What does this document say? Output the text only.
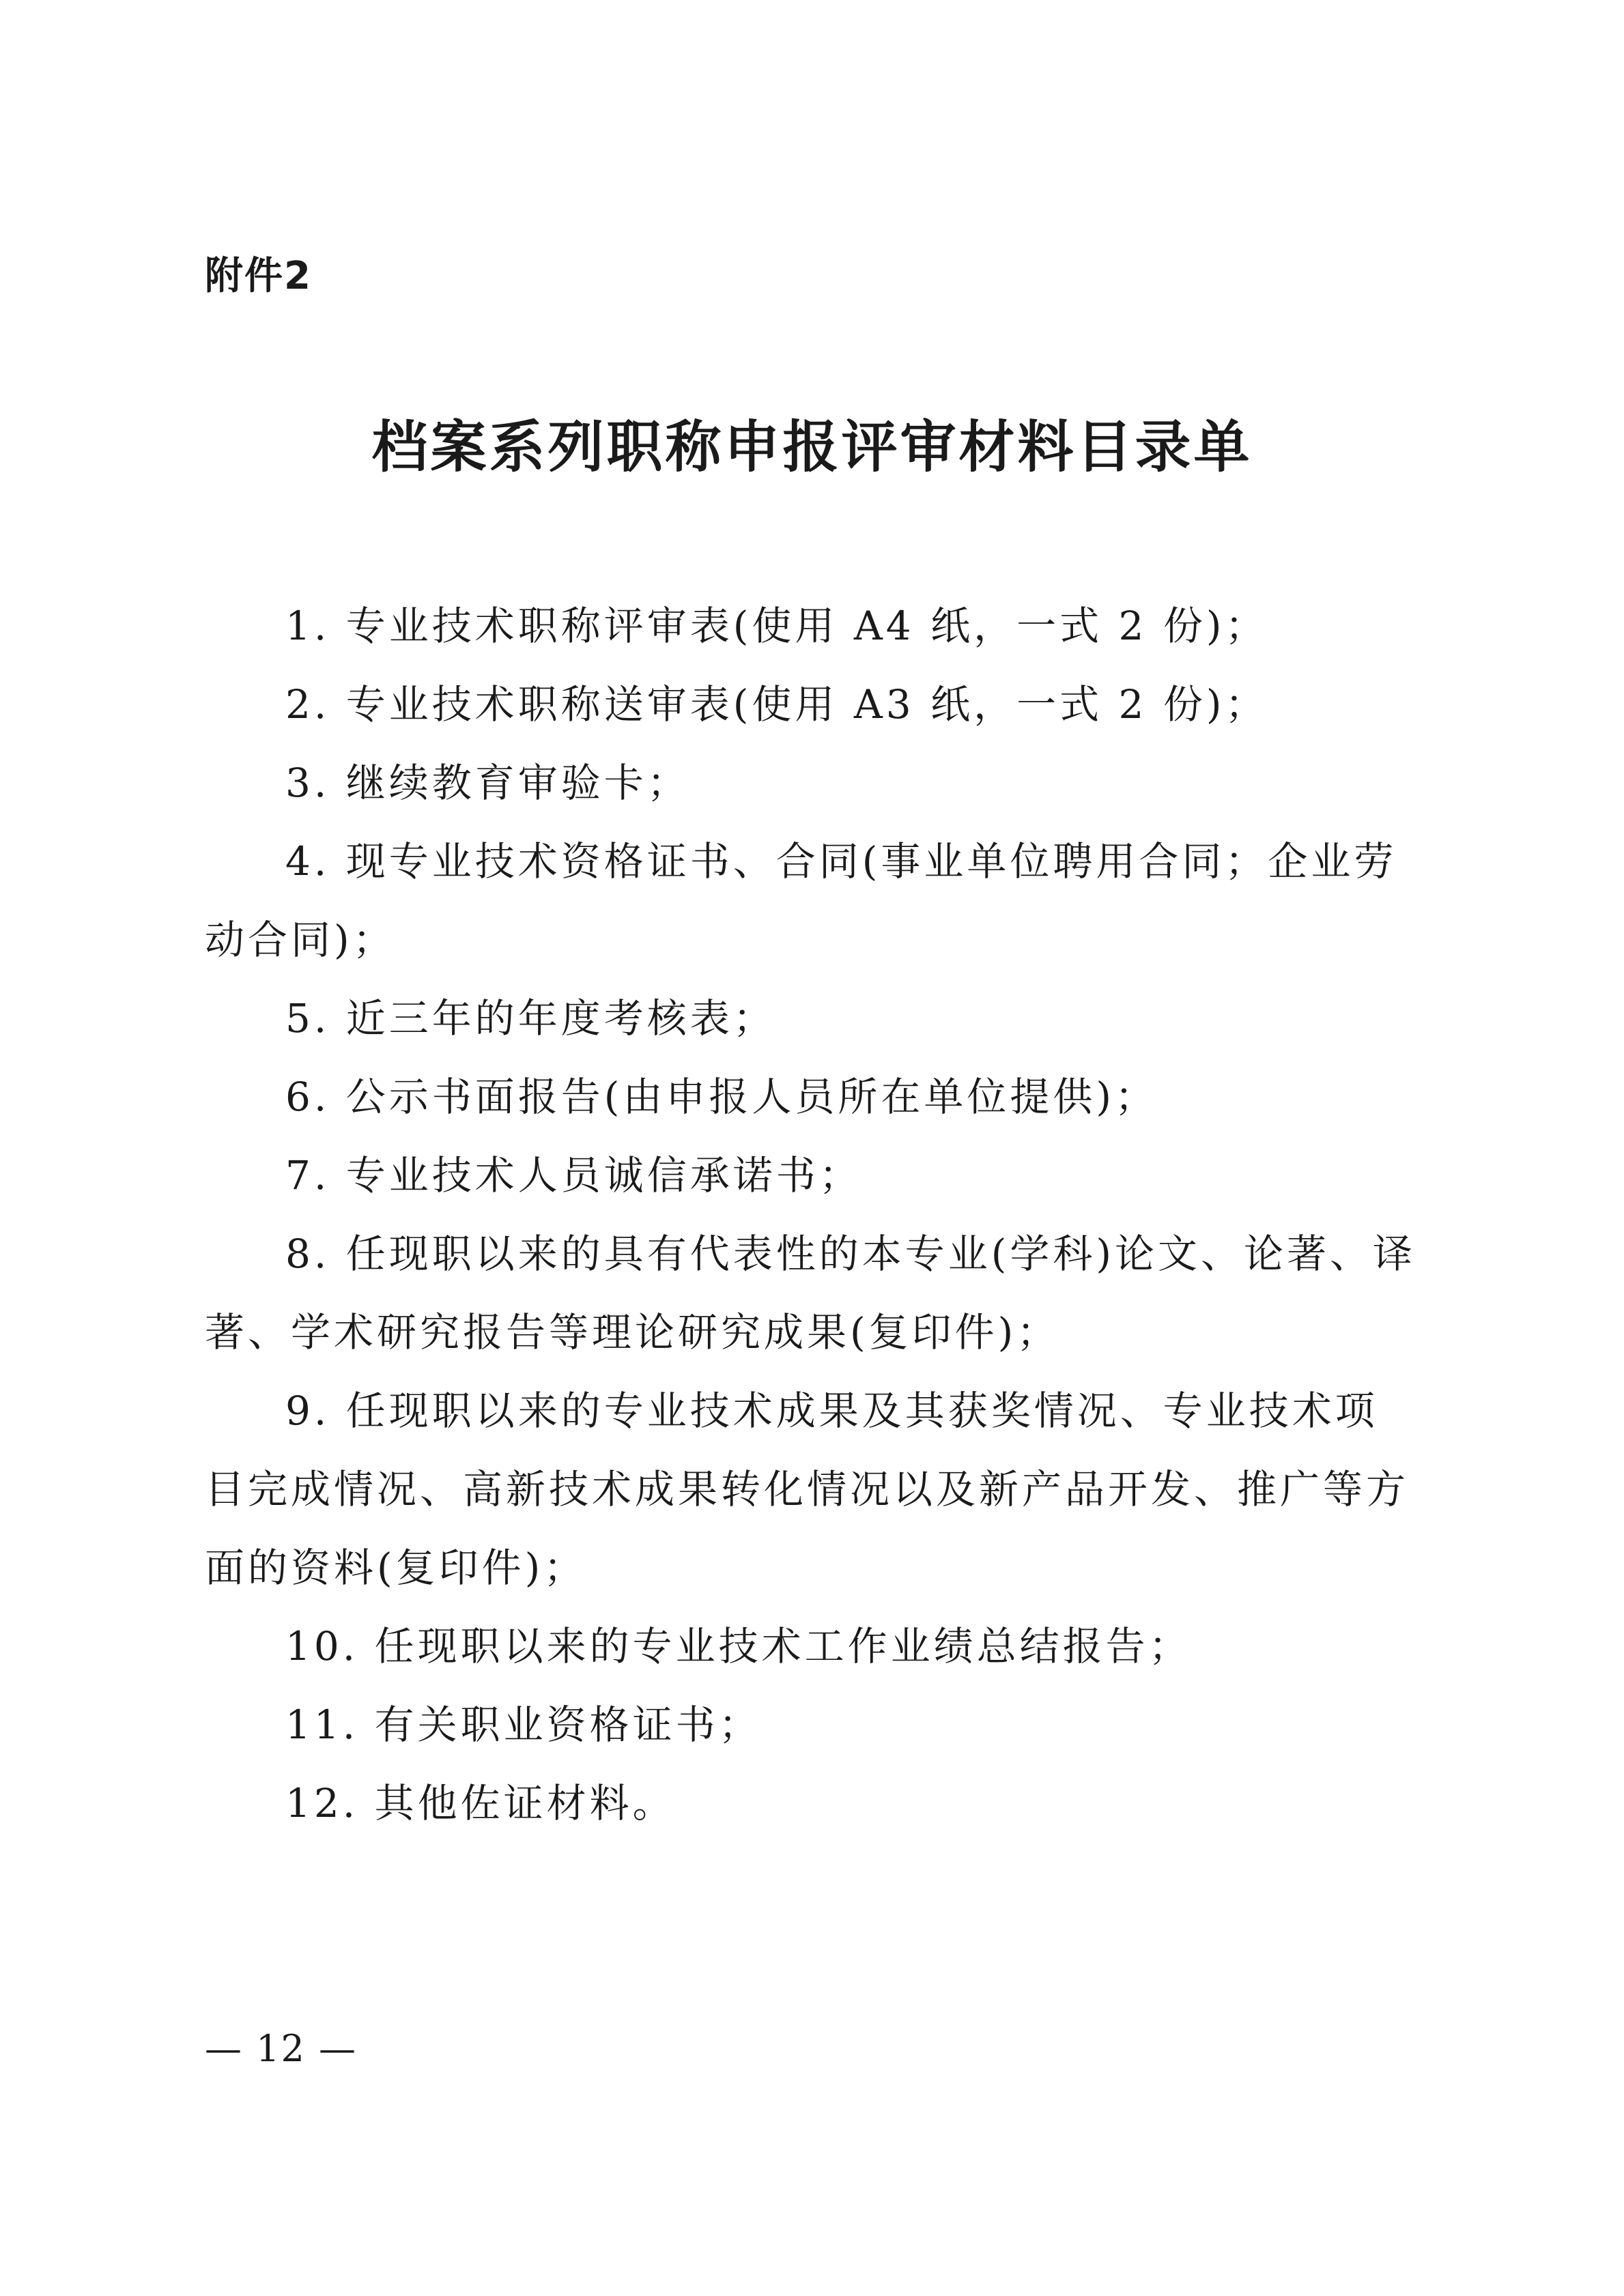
附件2
档案系列职称申报评审材料目录单

1. 专业技术职称评审表(使用 A4 纸，一式 2 份)；

2. 专业技术职称送审表(使用 A3 纸，一式 2 份)；

3. 继续教育审验卡；

4. 现专业技术资格证书、合同(事业单位聘用合同；企业劳动合同)；

5. 近三年的年度考核表；

6. 公示书面报告(由申报人员所在单位提供)；

7. 专业技术人员诚信承诺书；

8. 任现职以来的具有代表性的本专业(学科)论文、论著、译著、学术研究报告等理论研究成果(复印件)；

9. 任现职以来的专业技术成果及其获奖情况、专业技术项目完成情况、高新技术成果转化情况以及新产品开发、推广等方面的资料(复印件)；

10. 任现职以来的专业技术工作业绩总结报告；

11. 有关职业资格证书；

12. 其他佐证材料。

— 12 —
